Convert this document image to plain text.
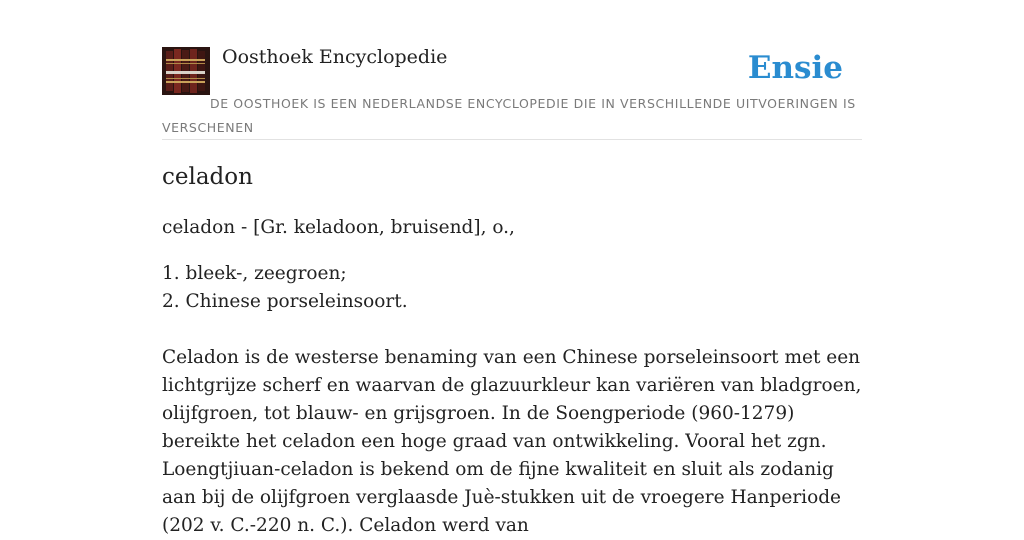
Oosthoek Encyclopedie	Ensie
DE OOSTHOEK IS EEN NEDERLANDSE ENCYCLOPEDIE DIE IN VERSCHILLENDE UITVOERINGEN IS VERSCHENEN
celadon

celadon - [Gr. keladoon, bruisend], o.,

1. bleek-, zeegroen;

2. Chinese porseleinsoort.

Celadon is de westerse benaming van een Chinese porseleinsoort met een lichtgrijze scherf en waarvan de glazuurkleur kan variëren van bladgroen, olijfgroen, tot blauw- en grijsgroen. In de Soengperiode (960-1279) bereikte het celadon een hoge graad van ontwikkeling. Vooral het zgn. Loengtjiuan-celadon is bekend om de fijne kwaliteit en sluit als zodanig aan bij de olijfgroen verglaasde Juè-stukken uit de vroegere Hanperiode (202 v. C.-220 n. C.). Celadon werd van
